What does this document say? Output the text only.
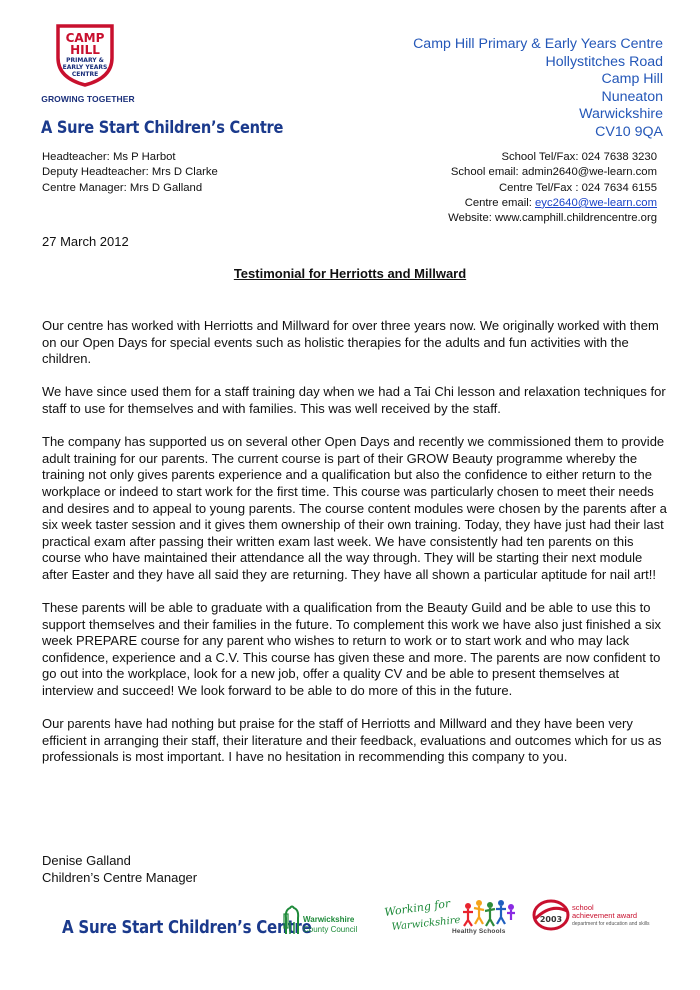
CAMP
HILL
PRIMARY &
EARLY YEARS
CENTRE
GROWING TOGETHER
A Sure Start Children’s Centre
Camp Hill Primary & Early Years Centre
Hollystitches Road
Camp Hill
Nuneaton
Warwickshire
CV10 9QA
Headteacher: Ms P Harbot
Deputy Headteacher: Mrs D Clarke
Centre Manager: Mrs D Galland
School Tel/Fax: 024 7638 3230
School email: admin2640@we-learn.com
Centre Tel/Fax : 024 7634 6155
Centre email: eyc2640@we-learn.com
Website: www.camphill.childrencentre.org
27 March 2012
Testimonial for Herriotts and Millward

Our centre has worked with Herriotts and Millward for over three years now. We originally worked with them on our Open Days for special events such as holistic therapies for the adults and fun activities with the children.

We have since used them for a staff training day when we had a Tai Chi lesson and relaxation techniques for staff to use for themselves and with families. This was well received by the staff.

The company has supported us on several other Open Days and recently we commissioned them to provide adult training for our parents. The current course is part of their GROW Beauty programme whereby the training not only gives parents experience and a qualification but also the confidence to either return to the workplace or indeed to start work for the first time. This course was particularly chosen to meet their needs and desires and to appeal to young parents. The course content modules were chosen by the parents after a six week taster session and it gives them ownership of their own training. Today, they have just had their last practical exam after passing their written exam last week. We have consistently had ten parents on this course who have maintained their attendance all the way through. They will be starting their next module after Easter and they have all said they are returning. They have all shown a particular aptitude for nail art!!

These parents will be able to graduate with a qualification from the Beauty Guild and be able to use this to support themselves and their families in the future. To complement this work we have also just finished a six week PREPARE course for any parent who wishes to return to work or to start work and who may lack confidence, experience and a C.V. This course has given these and more. The parents are now confident to go out into the workplace, look for a new job, offer a quality CV and be able to present themselves at interview and succeed! We look forward to be able to do more of this in the future.

Our parents have had nothing but praise for the staff of Herriotts and Millward and they have been very efficient in arranging their staff, their literature and their feedback, evaluations and outcomes which for us as professionals is most important. I have no hesitation in recommending this company to you.

Denise Galland
Children’s Centre Manager
A Sure Start Children’s Centre
Warwickshire
County Council
Working for
Warwickshire
Healthy Schools
2003
school
achievement award
department for education and skills
